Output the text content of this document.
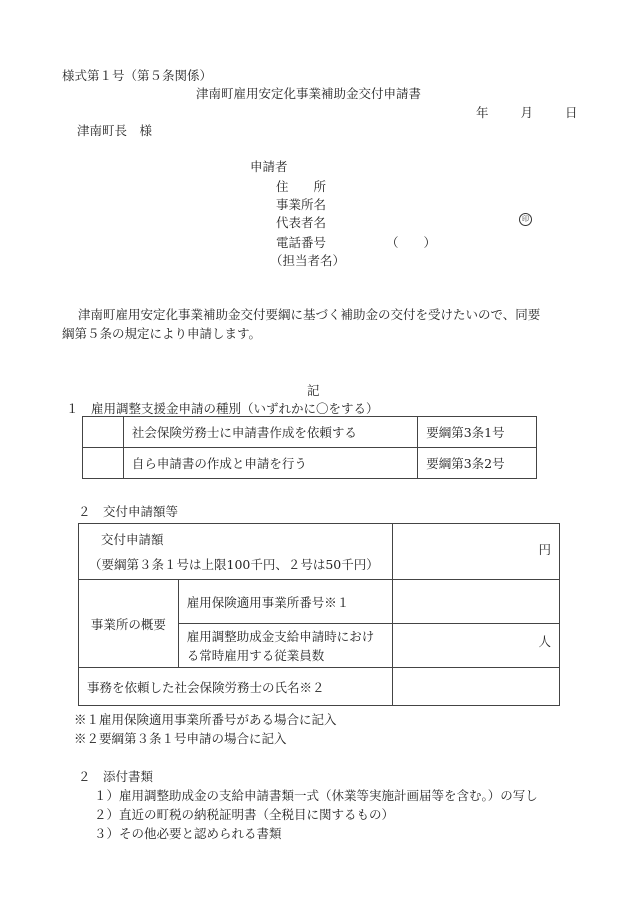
様式第１号（第５条関係）
津南町雇用安定化事業補助金交付申請書
年	月	日
津南町長　様
申請者
住　　所
事業所名
代表者名	印
電話番号	（　　）
（担当者名）
津南町雇用安定化事業補助金交付要綱に基づく補助金の交付を受けたいので、同要
綱第５条の規定により申請します。
記
１　雇用調整支援金申請の種別（いずれかに〇をする）
	社会保険労務士に申請書作成を依頼する	要綱第3条1号
	自ら申請書の作成と申請を行う	要綱第3条2号
２　交付申請額等
交付申請額
（要綱第３条１号は上限100千円、２号は50千円）		円
事業所の概要	雇用保険適用事業所番号※１	

	雇用調整助成金支給申請時におけ
る常時雇用する従業員数	人
事務を依頼した社会保険労務士の氏名※２		
※１雇用保険適用事業所番号がある場合に記入
※２要綱第３条１号申請の場合に記入
２　添付書類
１）雇用調整助成金の支給申請書類一式（休業等実施計画届等を含む。）の写し
２）直近の町税の納税証明書（全税目に関するもの）
３）その他必要と認められる書類
